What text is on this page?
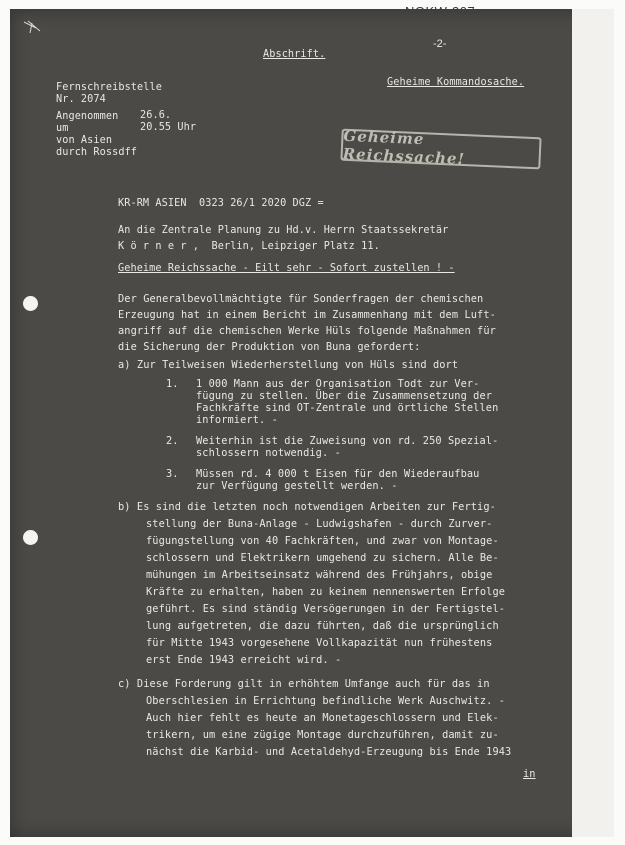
-2-
Abschrift.
Geheime Kommandosache.
Fernschreibstelle
Nr. 2074
Angenommen 26.6.
um	20.55 Uhr
von Asien
durch Rossdff
Geheime Reichssache!
KR-RM ASIEN  0323 26/1 2020 DGZ =
An die Zentrale Planung zu Hd.v. Herrn Staatssekretär
K ö r n e r ,  Berlin, Leipziger Platz 11.
Geheime Reichssache - Eilt sehr - Sofort zustellen ! -
Der Generalbevollmächtigte für Sonderfragen der chemischen
Erzeugung hat in einem Bericht im Zusammenhang mit dem Luft-
angriff auf die chemischen Werke Hüls folgende Maßnahmen für
die Sicherung der Produktion von Buna gefordert:
a) Zur Teilweisen Wiederherstellung von Hüls sind dort
1. 1 000 Mann aus der Organisation Todt zur Ver-
fügung zu stellen. Über die Zusammensetzung der
Fachkräfte sind OT-Zentrale und örtliche Stellen
informiert. -
2. Weiterhin ist die Zuweisung von rd. 250 Spezial-
schlossern notwendig. -
3. Müssen rd. 4 000 t Eisen für den Wiederaufbau
zur Verfügung gestellt werden. -
b) Es sind die letzten noch notwendigen Arbeiten zur Fertig-
stellung der Buna-Anlage - Ludwigshafen - durch Zurver-
fügungstellung von 40 Fachkräften, und zwar von Montage-
schlossern und Elektrikern umgehend zu sichern. Alle Be-
mühungen im Arbeitseinsatz während des Frühjahrs, obige
Kräfte zu erhalten, haben zu keinem nennenswerten Erfolge
geführt. Es sind ständig Versögerungen in der Fertigstel-
lung aufgetreten, die dazu führten, daß die ursprünglich
für Mitte 1943 vorgesehene Vollkapazität nun frühestens
erst Ende 1943 erreicht wird. -
c) Diese Forderung gilt in erhöhtem Umfange auch für das in
Oberschlesien in Errichtung befindliche Werk Auschwitz. -
Auch hier fehlt es heute an Monetageschlossern und Elek-
trikern, um eine zügige Montage durchzuführen, damit zu-
nächst die Karbid- und Acetaldehyd-Erzeugung bis Ende 1943
in
